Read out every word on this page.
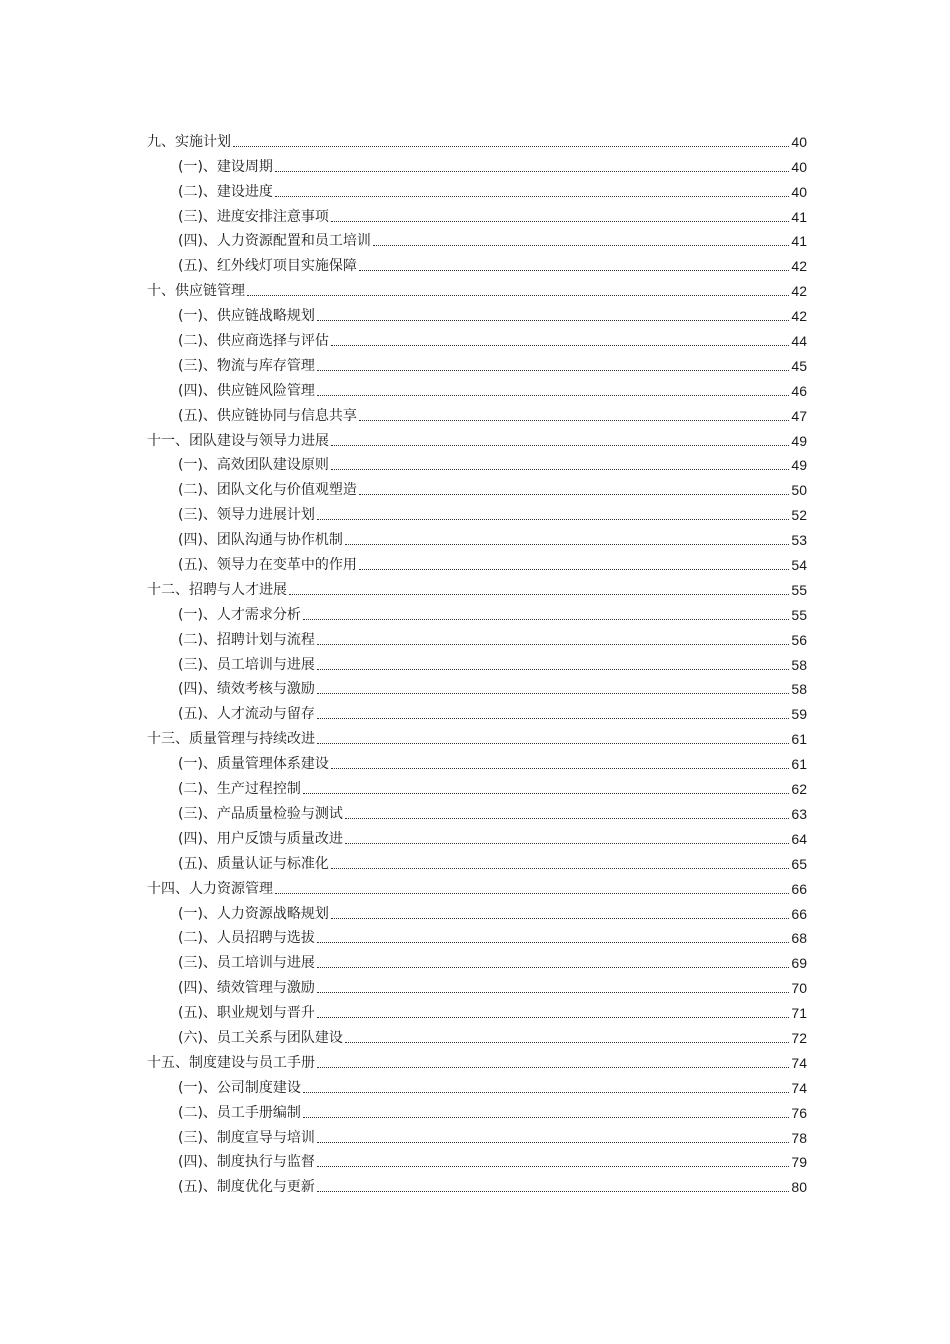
九、实施计划	40
(一)、建设周期	40
(二)、建设进度	40
(三)、进度安排注意事项	41
(四)、人力资源配置和员工培训	41
(五)、红外线灯项目实施保障	42
十、供应链管理	42
(一)、供应链战略规划	42
(二)、供应商选择与评估	44
(三)、物流与库存管理	45
(四)、供应链风险管理	46
(五)、供应链协同与信息共享	47
十一、团队建设与领导力进展	49
(一)、高效团队建设原则	49
(二)、团队文化与价值观塑造	50
(三)、领导力进展计划	52
(四)、团队沟通与协作机制	53
(五)、领导力在变革中的作用	54
十二、招聘与人才进展	55
(一)、人才需求分析	55
(二)、招聘计划与流程	56
(三)、员工培训与进展	58
(四)、绩效考核与激励	58
(五)、人才流动与留存	59
十三、质量管理与持续改进	61
(一)、质量管理体系建设	61
(二)、生产过程控制	62
(三)、产品质量检验与测试	63
(四)、用户反馈与质量改进	64
(五)、质量认证与标准化	65
十四、人力资源管理	66
(一)、人力资源战略规划	66
(二)、人员招聘与选拔	68
(三)、员工培训与进展	69
(四)、绩效管理与激励	70
(五)、职业规划与晋升	71
(六)、员工关系与团队建设	72
十五、制度建设与员工手册	74
(一)、公司制度建设	74
(二)、员工手册编制	76
(三)、制度宣导与培训	78
(四)、制度执行与监督	79
(五)、制度优化与更新	80
